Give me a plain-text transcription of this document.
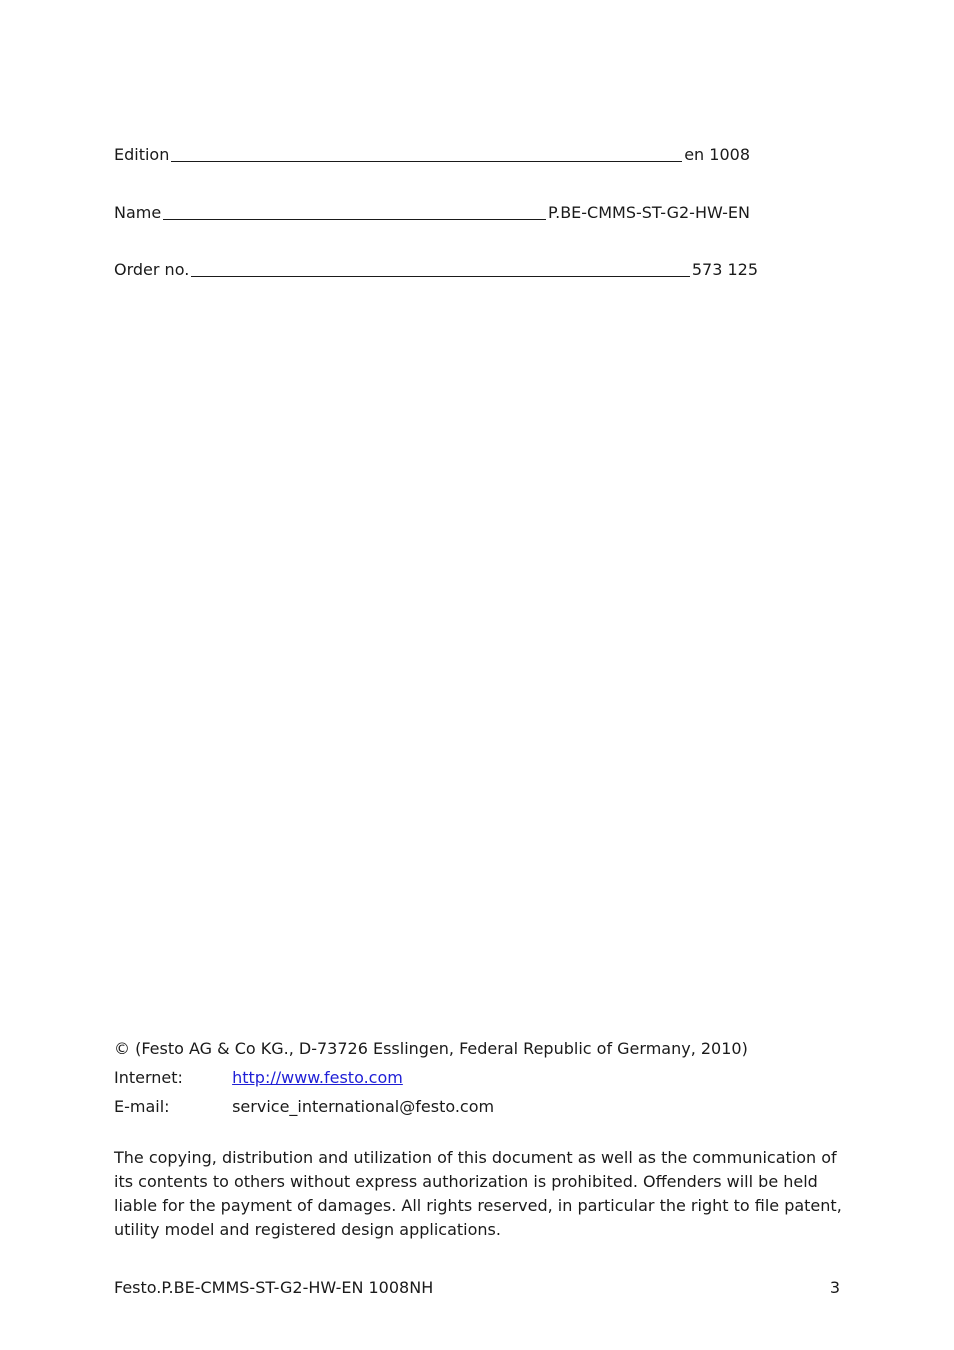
Edition	en 1008
Name	P.BE-CMMS-ST-G2-HW-EN
Order no.	573 125
© (Festo AG & Co KG., D-73726 Esslingen, Federal Republic of Germany, 2010)
Internet:	http://www.festo.com
E-mail:	service_international@festo.com

The copying, distribution and utilization of this document as well as the communication of its contents to others without express authorization is prohibited. Offenders will be held liable for the payment of damages. All rights reserved, in particular the right to file patent, utility model and registered design applications.

Festo.P.BE-CMMS-ST-G2-HW-EN 1008NH	3
